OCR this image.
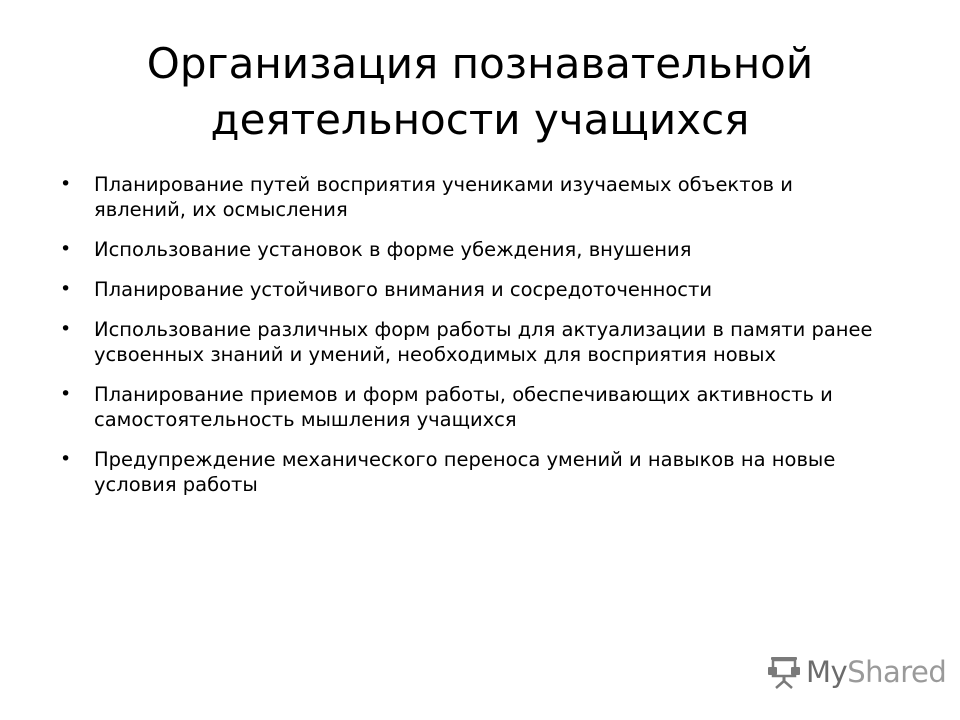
Организация познавательной деятельности учащихся
• Планирование путей восприятия учениками изучаемых объектов и явлений, их осмысления
• Использование установок в форме убеждения, внушения
• Планирование устойчивого внимания и сосредоточенности
• Использование различных форм работы для актуализации в памяти ранее усвоенных знаний и умений, необходимых для восприятия новых
• Планирование приемов и форм работы, обеспечивающих активность и самостоятельность мышления учащихся
• Предупреждение механического переноса умений и навыков на новые условия работы
MyShared
